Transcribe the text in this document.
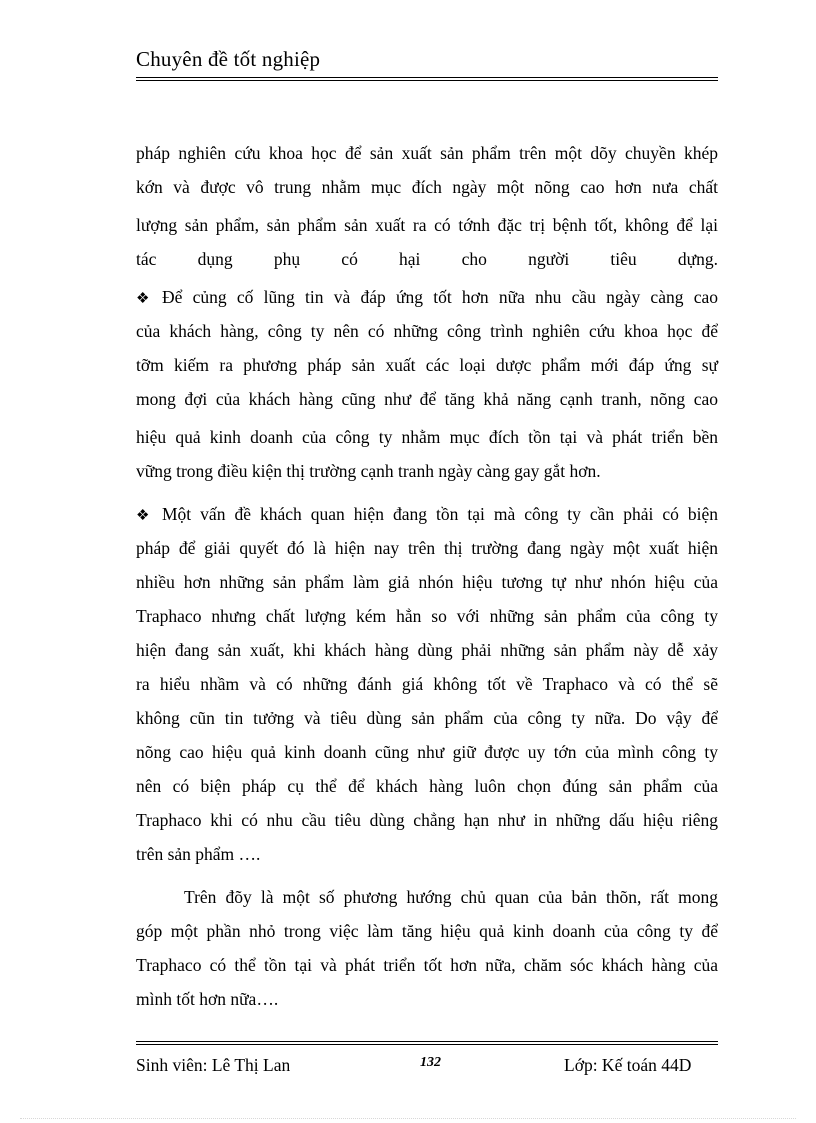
Chuyên đề tốt nghiệp
pháp nghiên cứu khoa học để sản xuất sản phẩm trên một dõy chuyền khép
kớn và được vô trung nhằm mục đích ngày một nõng cao hơn nưa chất
lượng sản phẩm, sản phẩm sản xuất ra có tớnh đặc trị bệnh tốt, không để lại
tác dụng phụ có hại cho người tiêu dựng.
❖ Để củng cố lũng tin và đáp ứng tốt hơn nữa nhu cầu ngày càng cao
của khách hàng, công ty nên có những công trình nghiên cứu khoa học để
tỡm kiếm ra phương pháp sản xuất các loại dược phẩm mới đáp ứng sự
mong đợi của khách hàng cũng như để tăng khả năng cạnh tranh, nõng cao
hiệu quả kinh doanh của công ty nhằm mục đích tồn tại và phát triển bền
vững trong điều kiện thị trường cạnh tranh ngày càng gay gắt hơn.
❖ Một vấn đề khách quan hiện đang tồn tại mà công ty cần phải có biện
pháp để giải quyết đó là hiện nay trên thị trường đang ngày một xuất hiện
nhiều hơn những sản phẩm làm giả nhón hiệu tương tự như nhón hiệu của
Traphaco nhưng chất lượng kém hẳn so với những sản phẩm của công ty
hiện đang sản xuất, khi khách hàng dùng phải những sản phẩm này dễ xảy
ra hiểu nhầm và có những đánh giá không tốt về Traphaco và có thể sẽ
không cũn tin tưởng và tiêu dùng sản phẩm của công ty nữa. Do vậy để
nõng cao hiệu quả kinh doanh cũng như giữ được uy tớn của mình công ty
nên có biện pháp cụ thể để khách hàng luôn chọn đúng sản phẩm của
Traphaco khi có nhu cầu tiêu dùng chẳng hạn như in những dấu hiệu riêng
trên sản phẩm ….
Trên đõy là một số phương hướng chủ quan của bản thõn, rất mong
góp một phần nhỏ trong việc làm tăng hiệu quả kinh doanh của công ty để
Traphaco có thể tồn tại và phát triển tốt hơn nữa, chăm sóc khách hàng của
mình tốt hơn nữa….
Sinh viên: Lê Thị Lan	132	Lớp: Kế toán 44D
